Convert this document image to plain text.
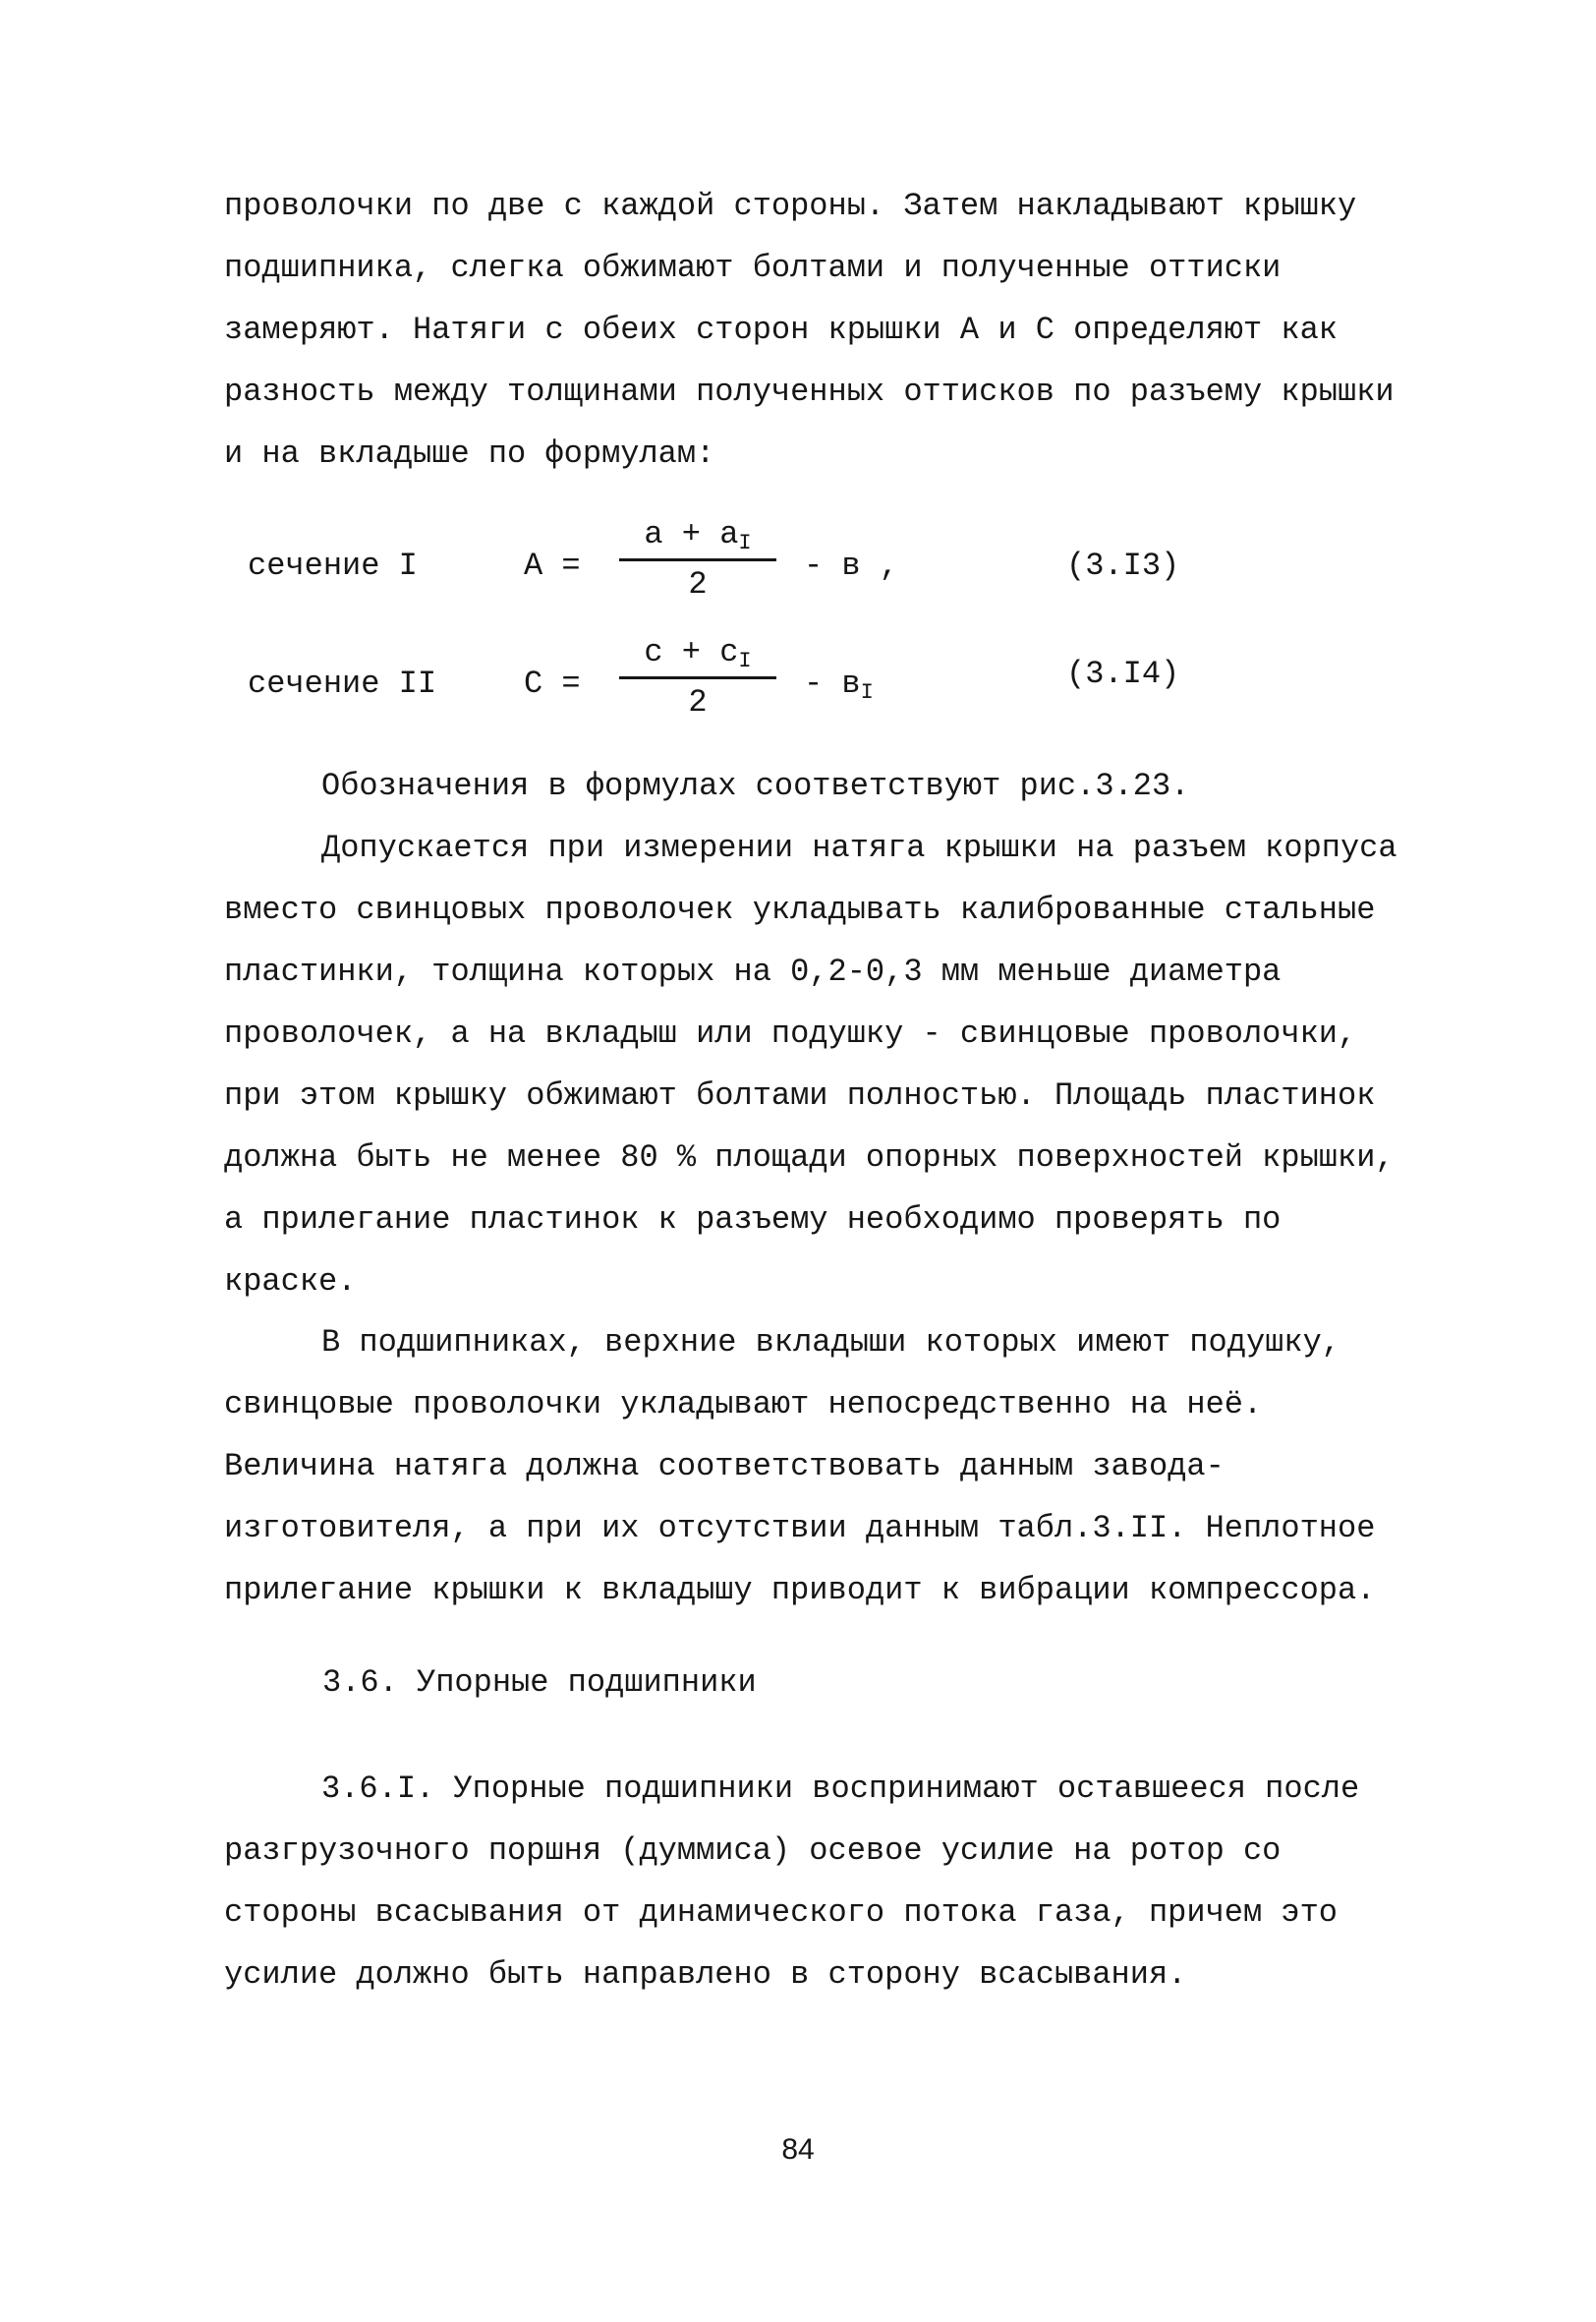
проволочки по две с каждой стороны. Затем накладывают крышку подшипника, слегка обжимают болтами и полученные оттиски замеряют. Натяги с обеих сторон крышки А и С определяют как разность между толщинами полученных оттисков по разъему крышки и на вкладыше по формулам:

сечение I	А =
$а + а_I$
2
- в ,	(3.I3)
сечение II	С =
$с + с_I$
2
- $в_I$
(3.I4)

Обозначения в формулах соответствуют рис.3.23.

Допускается при измерении натяга крышки на разъем корпуса вместо свинцовых проволочек укладывать калиброванные стальные пластинки, толщина которых на 0,2-0,3 мм меньше диаметра проволочек, а на вкладыш или подушку - свинцовые проволочки, при этом крышку обжимают болтами полностью. Площадь пластинок должна быть не менее 80 % площади опорных поверхностей крышки, а прилегание пластинок к разъему необходимо проверять по краске.

В подшипниках, верхние вкладыши которых имеют подушку, свинцовые проволочки укладывают непосредственно на неё. Величина натяга должна соответствовать данным завода-изготовителя, а при их отсутствии данным табл.3.II. Неплотное прилегание крышки к вкладышу приводит к вибрации компрессора.

3.6. Упорные подшипники

3.6.I. Упорные подшипники воспринимают оставшееся после разгрузочного поршня (думмиса) осевое усилие на ротор со стороны всасывания от динамического потока газа, причем это усилие должно быть направлено в сторону всасывания.

84
